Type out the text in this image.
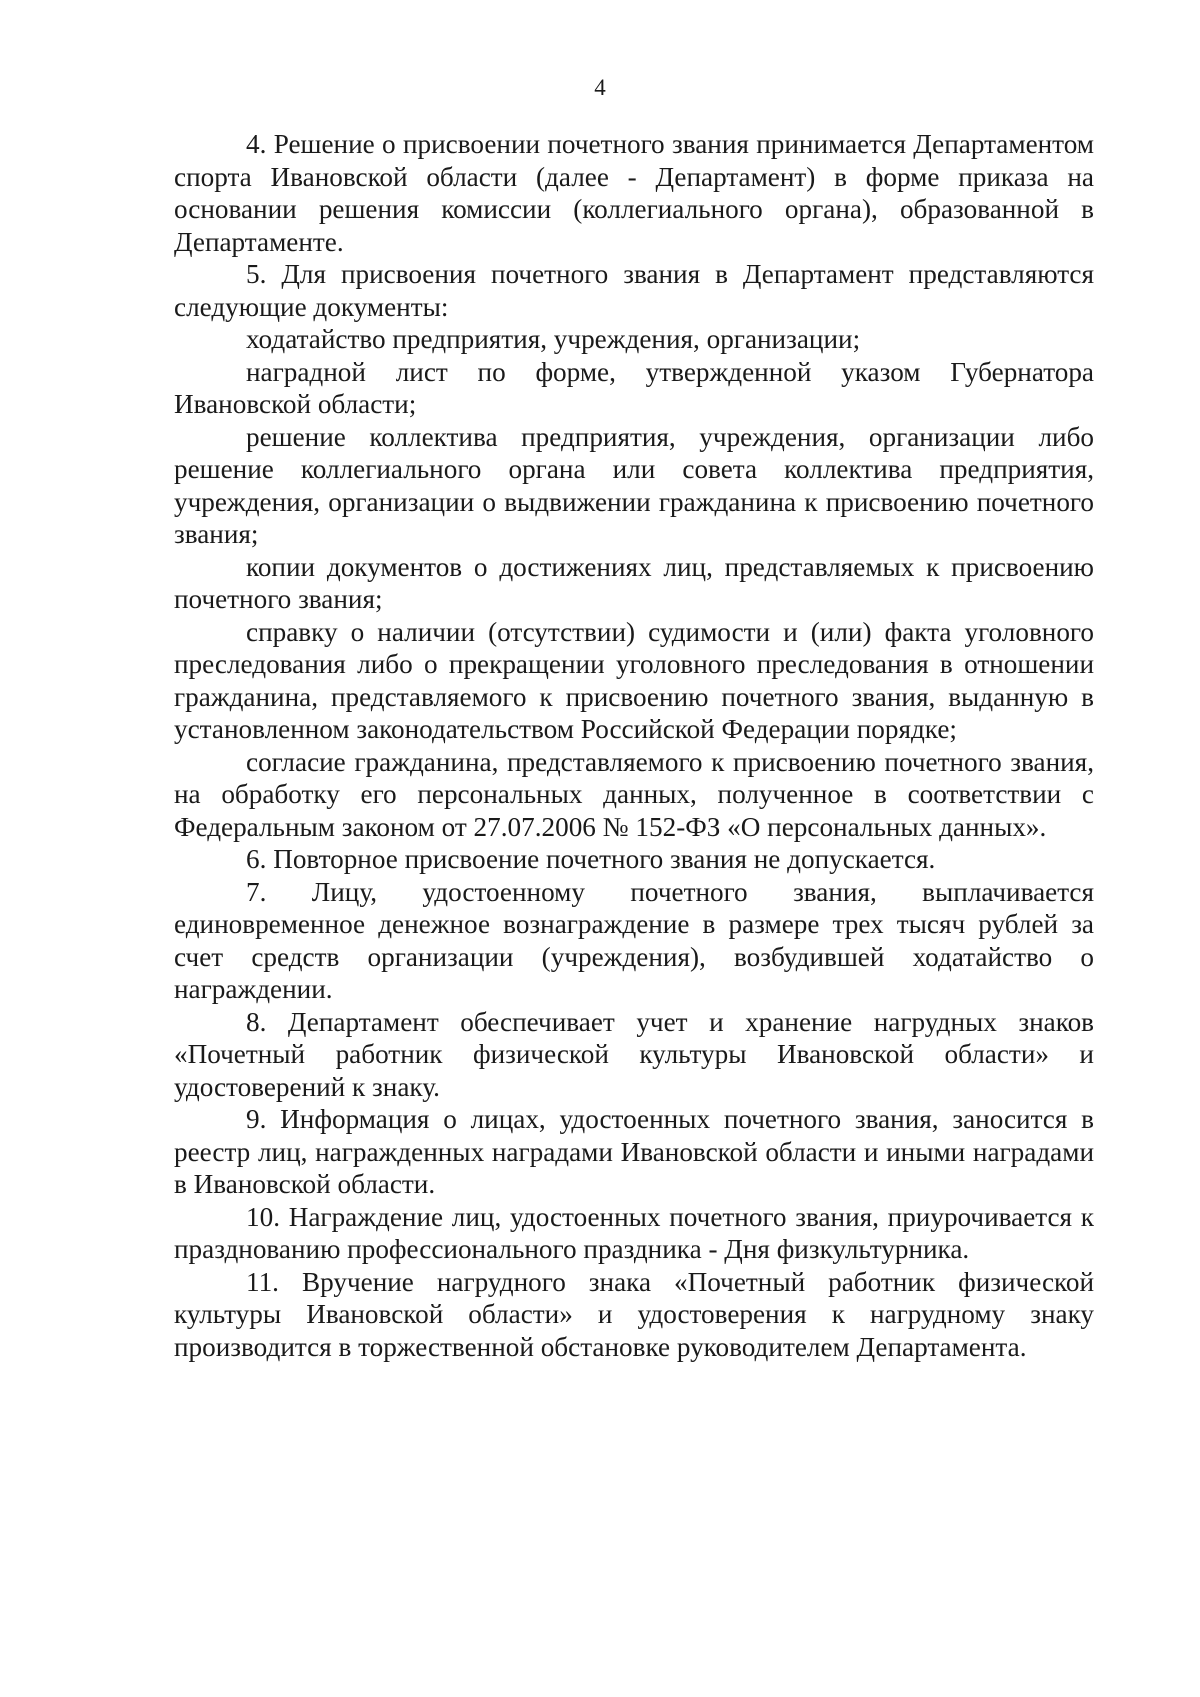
4

4. Решение о присвоении почетного звания принимается Департаментом спорта Ивановской области (далее - Департамент) в форме приказа на основании решения комиссии (коллегиального органа), образованной в Департаменте.

5. Для присвоения почетного звания в Департамент представляются следующие документы:

ходатайство предприятия, учреждения, организации;

наградной лист по форме, утвержденной указом Губернатора Ивановской области;

решение коллектива предприятия, учреждения, организации либо решение коллегиального органа или совета коллектива предприятия, учреждения, организации о выдвижении гражданина к присвоению почетного звания;

копии документов о достижениях лиц, представляемых к присвоению почетного звания;

справку о наличии (отсутствии) судимости и (или) факта уголовного преследования либо о прекращении уголовного преследования в отношении гражданина, представляемого к присвоению почетного звания, выданную в установленном законодательством Российской Федерации порядке;

согласие гражданина, представляемого к присвоению почетного звания, на обработку его персональных данных, полученное в соответствии с Федеральным законом от 27.07.2006 № 152-ФЗ «О персональных данных».

6. Повторное присвоение почетного звания не допускается.

7. Лицу, удостоенному почетного звания, выплачивается единовременное денежное вознаграждение в размере трех тысяч рублей за счет средств организации (учреждения), возбудившей ходатайство о награждении.

8. Департамент обеспечивает учет и хранение нагрудных знаков «Почетный работник физической культуры Ивановской области» и удостоверений к знаку.

9. Информация о лицах, удостоенных почетного звания, заносится в реестр лиц, награжденных наградами Ивановской области и иными наградами в Ивановской области.

10. Награждение лиц, удостоенных почетного звания, приурочивается к празднованию профессионального праздника - Дня физкультурника.

11. Вручение нагрудного знака «Почетный работник физической культуры Ивановской области» и удостоверения к нагрудному знаку производится в торжественной обстановке руководителем Департамента.
